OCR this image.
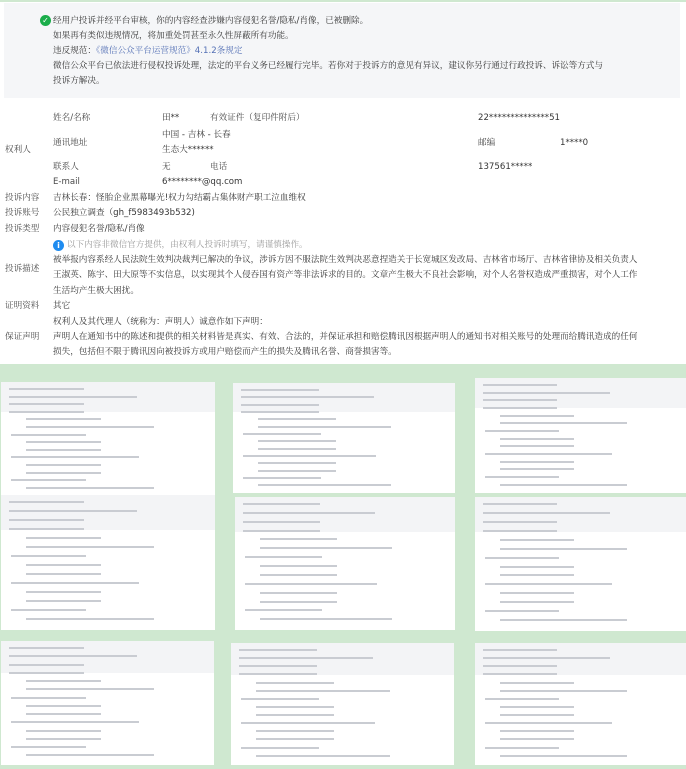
✓ 经用户投诉并经平台审核，你的内容经查涉嫌内容侵犯名誉/隐私/肖像，已被删除。
如果再有类似违规情况，将加重处罚甚至永久性屏蔽所有功能。
违反规范：《微信公众平台运营规范》4.1.2条规定
微信公众平台已依法进行侵权投诉处理，法定的平台义务已经履行完毕。若你对于投诉方的意见有异议，建议你另行通过行政投诉、诉讼等方式与
投诉方解决。
权利人
姓名/名称	田**	有效证件（复印件附后）	22**************51
通讯地址
中国 - 吉林 - 长春
生态大******
邮编	1****0
联系人	无	电话	137561*****
E-mail	6********@qq.com
投诉内容 吉林长春：怪胎企业黑幕曝光!权力勾结霸占集体财产职工泣血维权
投诉账号 公民独立调查（gh_f5983493b532)
投诉类型 内容侵犯名誉/隐私/肖像
i 以下内容非微信官方提供，由权利人投诉时填写，请谨慎操作。
投诉描述
被举报内容系经人民法院生效判决裁判已解决的争议，涉诉方因不服法院生效判决恶意捏造关于长宽城区发改局、吉林省市场厅、吉林省律协及相关负责人
王淑英、陈宇、田大原等不实信息，以实现其个人侵吞国有资产等非法诉求的目的。文章产生极大不良社会影响，对个人名誉权造成严重损害，对个人工作
生活均产生极大困扰。
证明资料 其它
保证声明
权利人及其代理人（统称为：声明人）诚意作如下声明：
声明人在通知书中的陈述和提供的相关材料皆是真实、有效、合法的，并保证承担和赔偿腾讯因根据声明人的通知书对相关账号的处理而给腾讯造成的任何
损失，包括但不限于腾讯因向被投诉方或用户赔偿而产生的损失及腾讯名誉、商誉损害等。
